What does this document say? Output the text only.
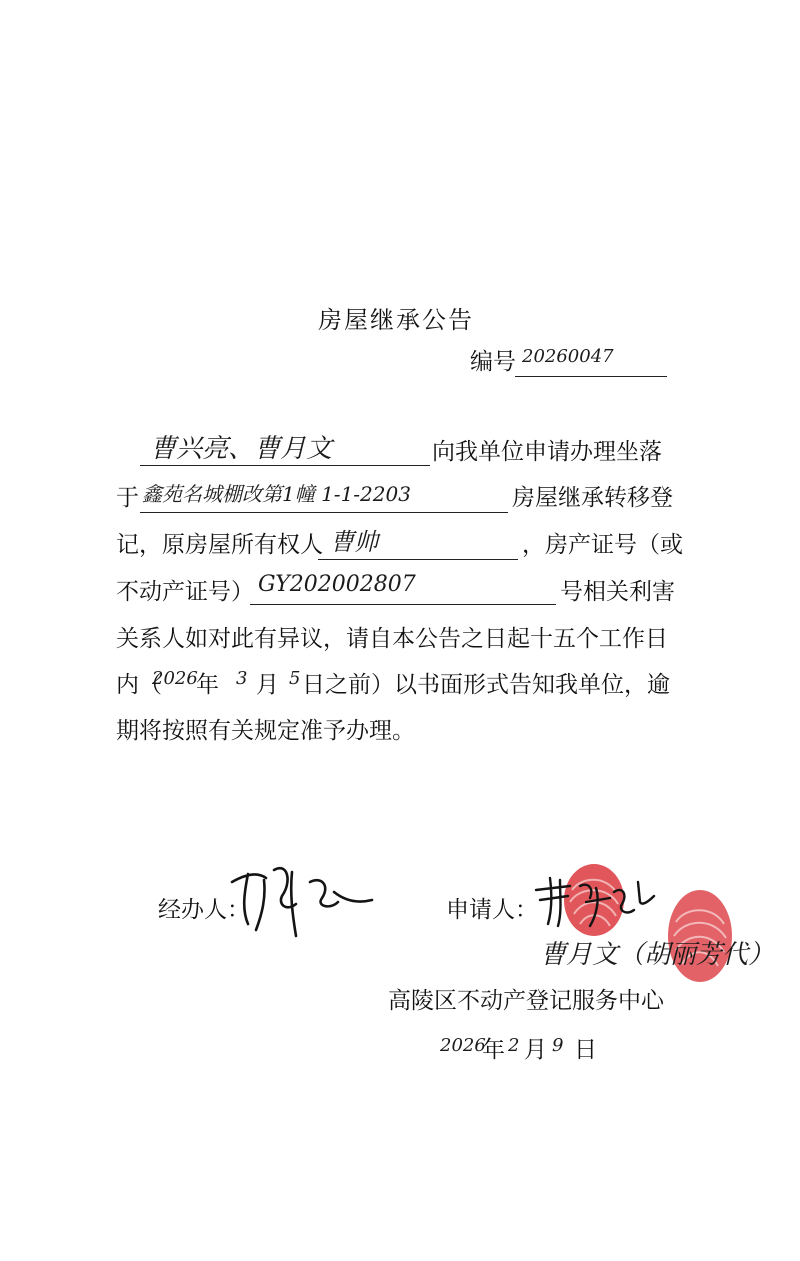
房屋继承公告
编号 20260047
曹兴亮、曹月文	向我单位申请办理坐落
于 鑫苑名城棚改第1幢 1-1-2203	房屋继承转移登
记，原房屋所有权人 曹帅	，房产证号（或
不动产证号） GY202002807	号相关利害
关系人如对此有异议，请自本公告之日起十五个工作日
内（
2026
年 3 月 5 日之前）以书面形式告知我单位，逾
期将按照有关规定准予办理。
经办人：	申请人：
曹月文（胡丽芳代）
高陵区不动产登记服务中心
2026
年 2 月 9 日
